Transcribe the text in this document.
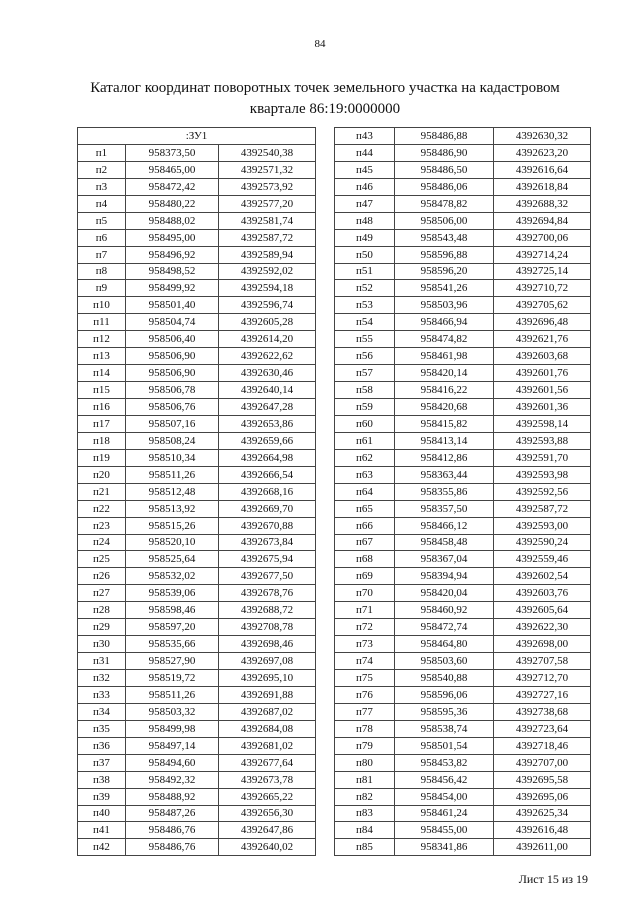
84
Каталог координат поворотных точек земельного участка на кадастровом
квартале 86:19:0000000
:ЗУ1		
п1	958373,50	4392540,38
п2	958465,00	4392571,32
п3	958472,42	4392573,92
п4	958480,22	4392577,20
п5	958488,02	4392581,74
п6	958495,00	4392587,72
п7	958496,92	4392589,94
п8	958498,52	4392592,02
п9	958499,92	4392594,18
п10	958501,40	4392596,74
п11	958504,74	4392605,28
п12	958506,40	4392614,20
п13	958506,90	4392622,62
п14	958506,90	4392630,46
п15	958506,78	4392640,14
п16	958506,76	4392647,28
п17	958507,16	4392653,86
п18	958508,24	4392659,66
п19	958510,34	4392664,98
п20	958511,26	4392666,54
п21	958512,48	4392668,16
п22	958513,92	4392669,70
п23	958515,26	4392670,88
п24	958520,10	4392673,84
п25	958525,64	4392675,94
п26	958532,02	4392677,50
п27	958539,06	4392678,76
п28	958598,46	4392688,72
п29	958597,20	4392708,78
п30	958535,66	4392698,46
п31	958527,90	4392697,08
п32	958519,72	4392695,10
п33	958511,26	4392691,88
п34	958503,32	4392687,02
п35	958499,98	4392684,08
п36	958497,14	4392681,02
п37	958494,60	4392677,64
п38	958492,32	4392673,78
п39	958488,92	4392665,22
п40	958487,26	4392656,30
п41	958486,76	4392647,86
п42	958486,76	4392640,02
п43	958486,88	4392630,32
п44	958486,90	4392623,20
п45	958486,50	4392616,64
п46	958486,06	4392618,84
п47	958478,82	4392688,32
п48	958506,00	4392694,84
п49	958543,48	4392700,06
п50	958596,88	4392714,24
п51	958596,20	4392725,14
п52	958541,26	4392710,72
п53	958503,96	4392705,62
п54	958466,94	4392696,48
п55	958474,82	4392621,76
п56	958461,98	4392603,68
п57	958420,14	4392601,76
п58	958416,22	4392601,56
п59	958420,68	4392601,36
п60	958415,82	4392598,14
п61	958413,14	4392593,88
п62	958412,86	4392591,70
п63	958363,44	4392593,98
п64	958355,86	4392592,56
п65	958357,50	4392587,72
п66	958466,12	4392593,00
п67	958458,48	4392590,24
п68	958367,04	4392559,46
п69	958394,94	4392602,54
п70	958420,04	4392603,76
п71	958460,92	4392605,64
п72	958472,74	4392622,30
п73	958464,80	4392698,00
п74	958503,60	4392707,58
п75	958540,88	4392712,70
п76	958596,06	4392727,16
п77	958595,36	4392738,68
п78	958538,74	4392723,64
п79	958501,54	4392718,46
п80	958453,82	4392707,00
п81	958456,42	4392695,58
п82	958454,00	4392695,06
п83	958461,24	4392625,34
п84	958455,00	4392616,48
п85	958341,86	4392611,00
Лист 15 из 19
